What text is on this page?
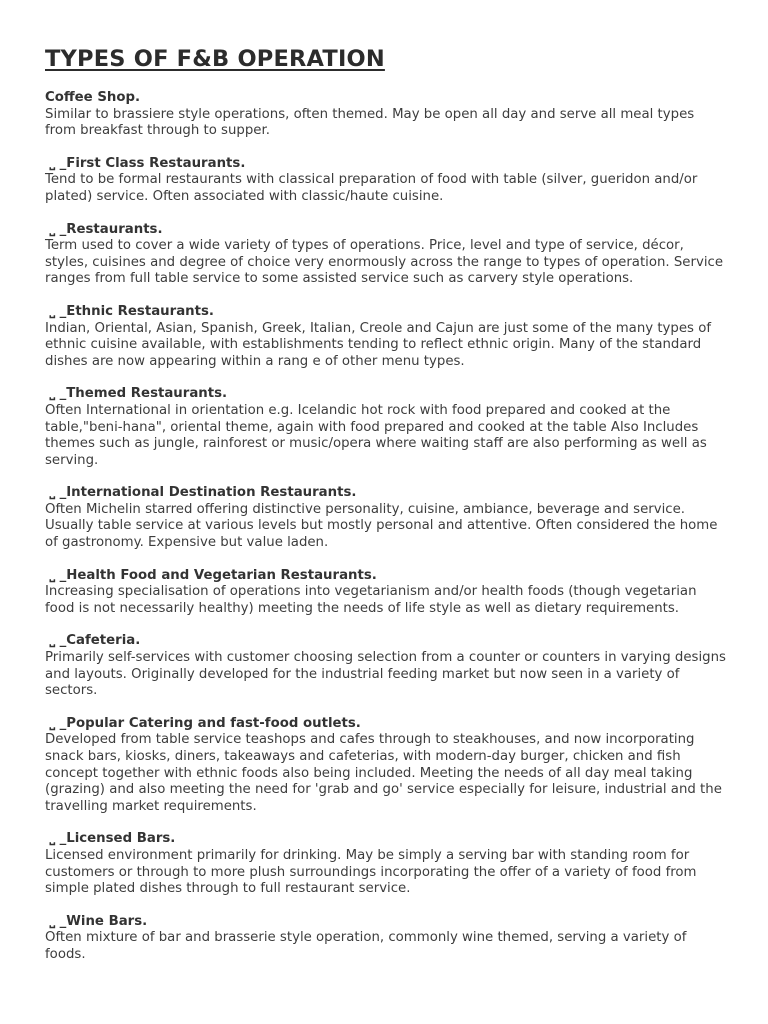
TYPES OF F&B OPERATION
Coffee Shop.
Similar to brassiere style operations, often themed. May be open all day and serve all meal types from breakfast through to supper.
⎵ _First Class Restaurants.
Tend to be formal restaurants with classical preparation of food with table (silver, gueridon and/or plated) service. Often associated with classic/haute cuisine.
⎵ _Restaurants.
Term used to cover a wide variety of types of operations. Price, level and type of service, décor, styles, cuisines and degree of choice very enormously across the range to types of operation. Service ranges from full table service to some assisted service such as carvery style operations.
⎵ _Ethnic Restaurants.
Indian, Oriental, Asian, Spanish, Greek, Italian, Creole and Cajun are just some of the many types of ethnic cuisine available, with establishments tending to reflect ethnic origin. Many of the standard dishes are now appearing within a rang e of other menu types.
⎵ _Themed Restaurants.
Often International in orientation e.g. Icelandic hot rock with food prepared and cooked at the table,"beni-hana", oriental theme, again with food prepared and cooked at the table Also Includes themes such as jungle, rainforest or music/opera where waiting staff are also performing as well as serving.
⎵ _International Destination Restaurants.
Often Michelin starred offering distinctive personality, cuisine, ambiance, beverage and service. Usually table service at various levels but mostly personal and attentive. Often considered the home of gastronomy. Expensive but value laden.
⎵ _Health Food and Vegetarian Restaurants.
Increasing specialisation of operations into vegetarianism and/or health foods (though vegetarian food is not necessarily healthy) meeting the needs of life style as well as dietary requirements.
⎵ _Cafeteria.
Primarily self-services with customer choosing selection from a counter or counters in varying designs and layouts. Originally developed for the industrial feeding market but now seen in a variety of sectors.
⎵ _Popular Catering and fast-food outlets.
Developed from table service teashops and cafes through to steakhouses, and now incorporating snack bars, kiosks, diners, takeaways and cafeterias, with modern-day burger, chicken and fish concept together with ethnic foods also being included. Meeting the needs of all day meal taking (grazing) and also meeting the need for 'grab and go' service especially for leisure, industrial and the travelling market requirements.
⎵ _Licensed Bars.
Licensed environment primarily for drinking. May be simply a serving bar with standing room for customers or through to more plush surroundings incorporating the offer of a variety of food from simple plated dishes through to full restaurant service.
⎵ _Wine Bars.
Often mixture of bar and brasserie style operation, commonly wine themed, serving a variety of foods.
